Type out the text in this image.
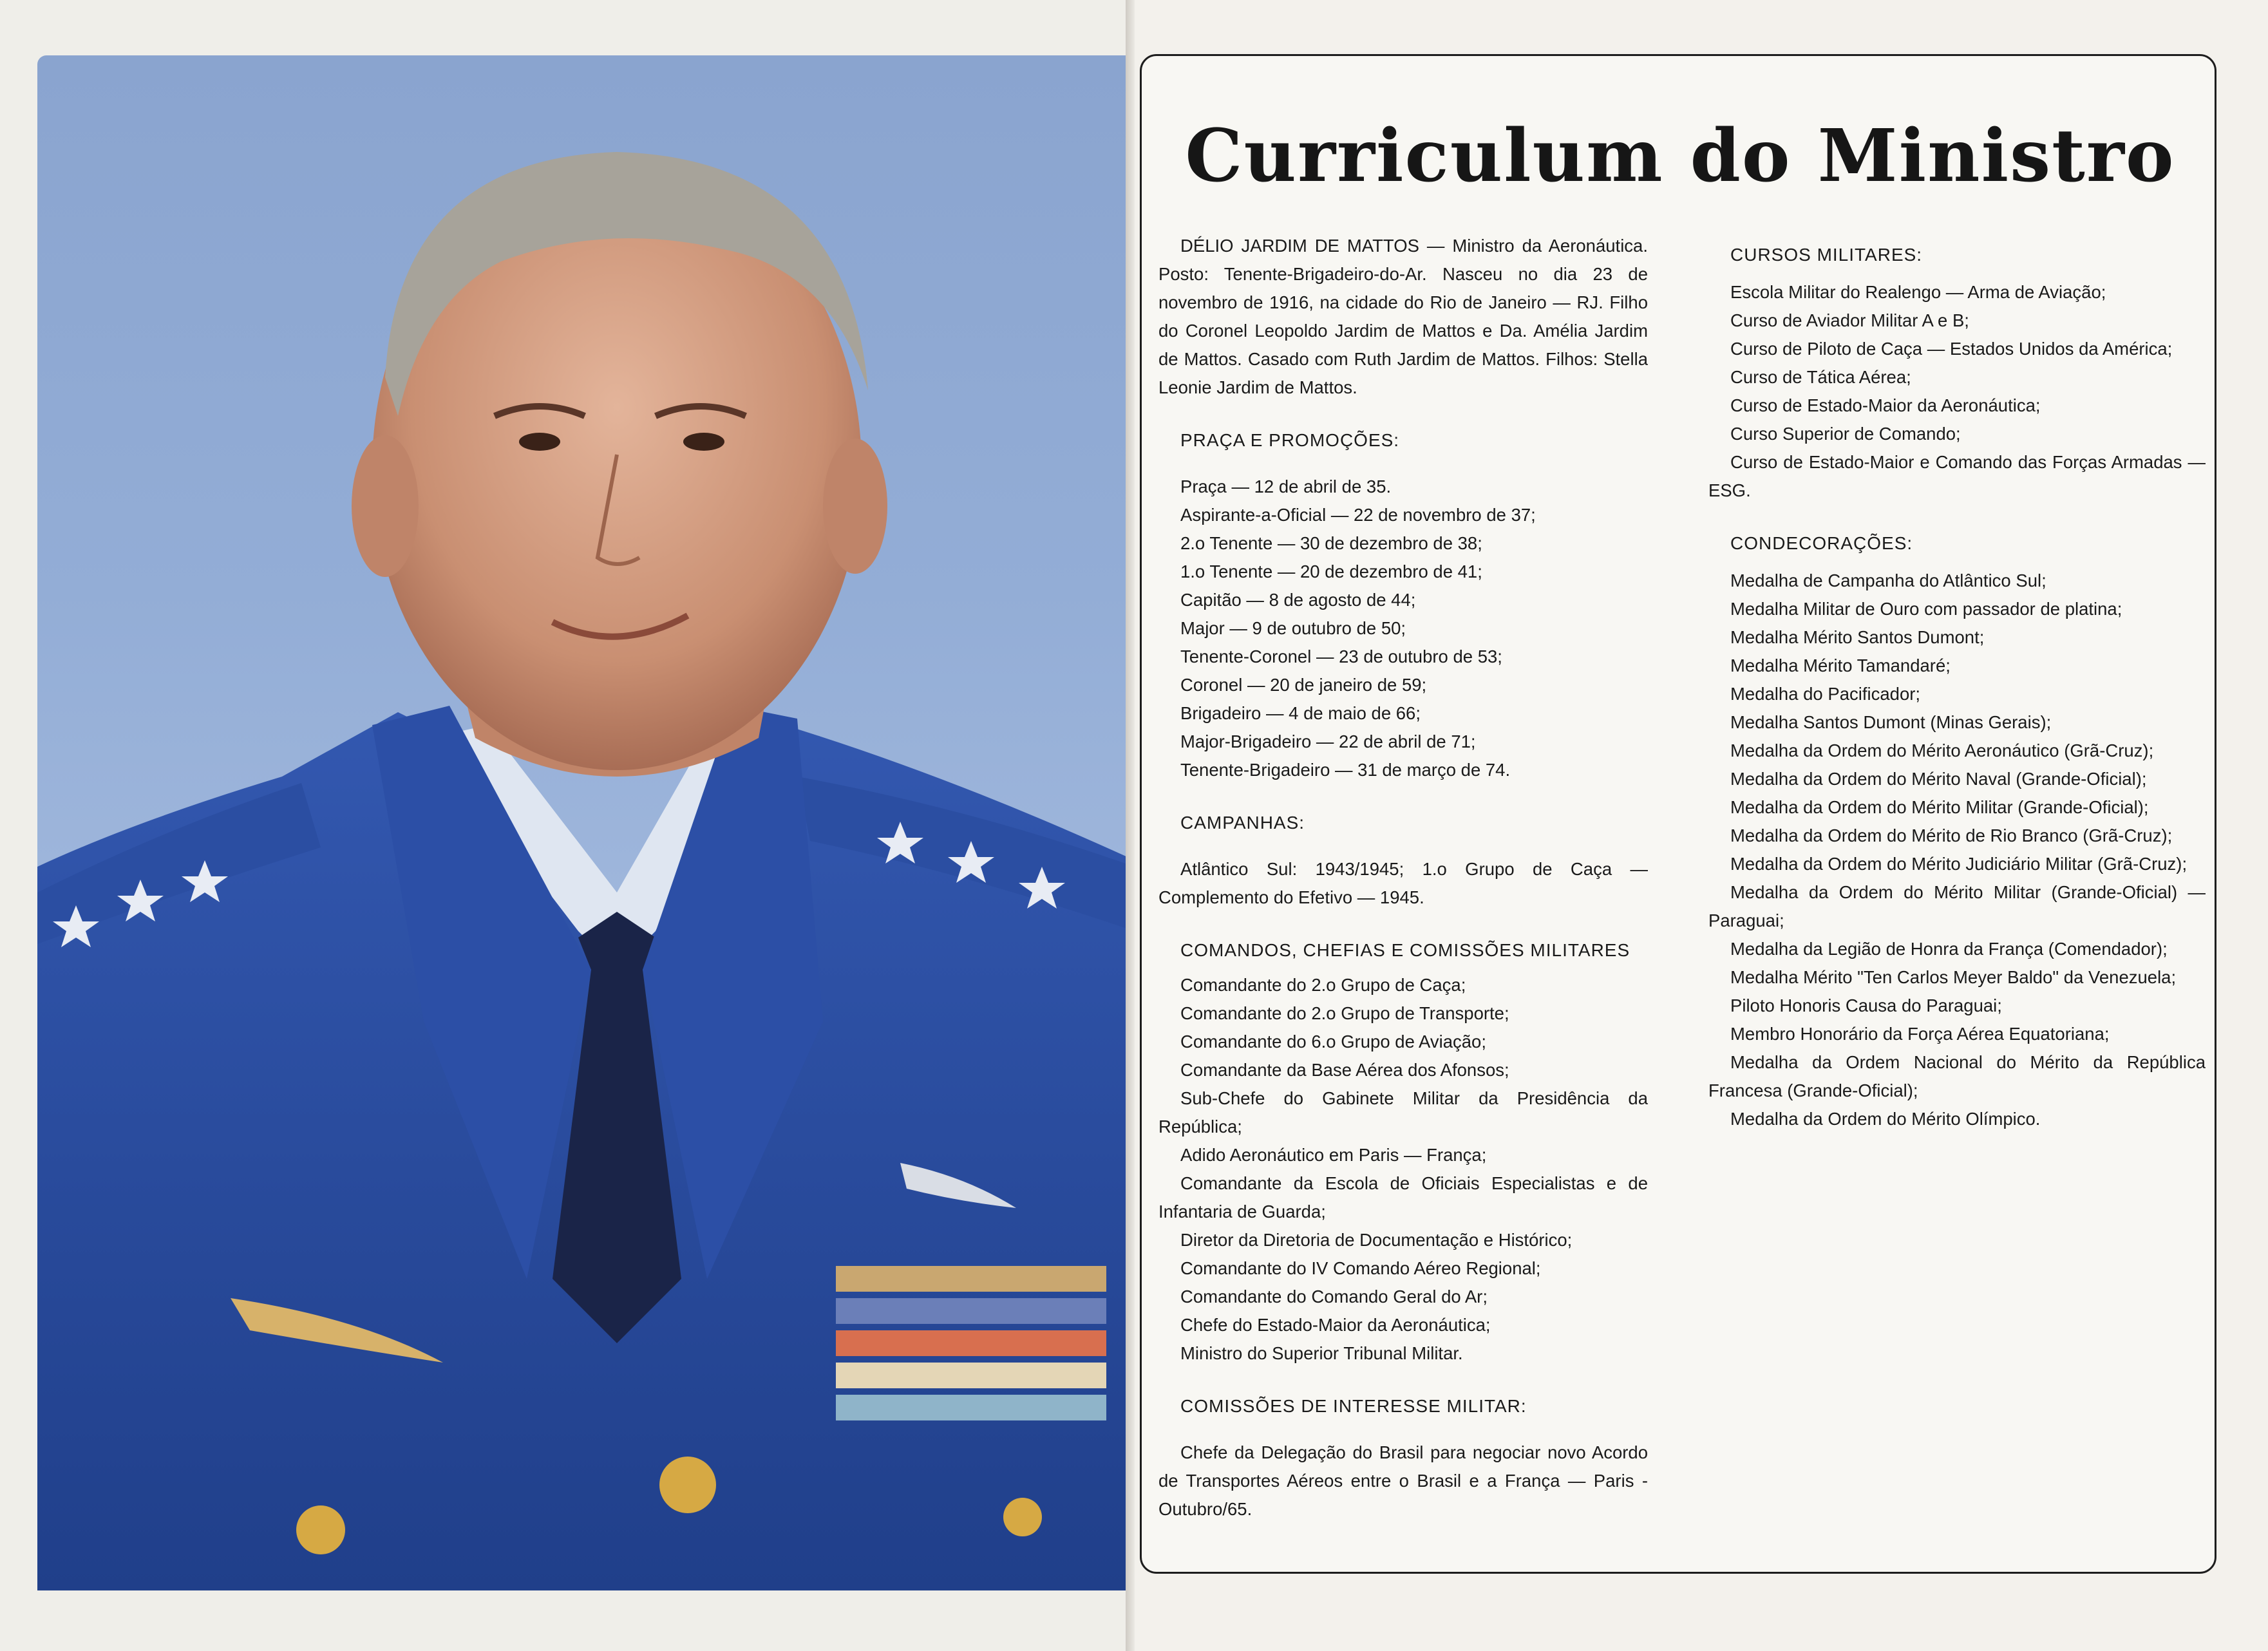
Curriculum do Ministro
DÉLIO JARDIM DE MATTOS — Ministro da Aeronáutica. Posto: Tenente-Brigadeiro-do-Ar. Nasceu no dia 23 de novembro de 1916, na cidade do Rio de Janeiro — RJ. Filho do Coronel Leopoldo Jardim de Mattos e Da. Amélia Jardim de Mattos. Casado com Ruth Jardim de Mattos. Filhos: Stella Leonie Jardim de Mattos.
PRAÇA E PROMOÇÕES:
Praça — 12 de abril de 35.
Aspirante-a-Oficial — 22 de novembro de 37;
2.o Tenente — 30 de dezembro de 38;
1.o Tenente — 20 de dezembro de 41;
Capitão — 8 de agosto de 44;
Major — 9 de outubro de 50;
Tenente-Coronel — 23 de outubro de 53;
Coronel — 20 de janeiro de 59;
Brigadeiro — 4 de maio de 66;
Major-Brigadeiro — 22 de abril de 71;
Tenente-Brigadeiro — 31 de março de 74.
CAMPANHAS:
Atlântico Sul: 1943/1945; 1.o Grupo de Caça — Complemento do Efetivo — 1945.
COMANDOS, CHEFIAS E COMISSÕES MILITARES
Comandante do 2.o Grupo de Caça;
Comandante do 2.o Grupo de Transporte;
Comandante do 6.o Grupo de Aviação;
Comandante da Base Aérea dos Afonsos;
Sub-Chefe do Gabinete Militar da Presidência da República;
Adido Aeronáutico em Paris — França;
Comandante da Escola de Oficiais Especialistas e de Infantaria de Guarda;
Diretor da Diretoria de Documentação e Histórico;
Comandante do IV Comando Aéreo Regional;
Comandante do Comando Geral do Ar;
Chefe do Estado-Maior da Aeronáutica;
Ministro do Superior Tribunal Militar.
COMISSÕES DE INTERESSE MILITAR:
Chefe da Delegação do Brasil para negociar novo Acordo de Transportes Aéreos entre o Brasil e a França — Paris - Outubro/65.
CURSOS MILITARES:
Escola Militar do Realengo — Arma de Aviação;
Curso de Aviador Militar A e B;
Curso de Piloto de Caça — Estados Unidos da América;
Curso de Tática Aérea;
Curso de Estado-Maior da Aeronáutica;
Curso Superior de Comando;
Curso de Estado-Maior e Comando das Forças Armadas — ESG.
CONDECORAÇÕES:
Medalha de Campanha do Atlântico Sul;
Medalha Militar de Ouro com passador de platina;
Medalha Mérito Santos Dumont;
Medalha Mérito Tamandaré;
Medalha do Pacificador;
Medalha Santos Dumont (Minas Gerais);
Medalha da Ordem do Mérito Aeronáutico (Grã-Cruz);
Medalha da Ordem do Mérito Naval (Grande-Oficial);
Medalha da Ordem do Mérito Militar (Grande-Oficial);
Medalha da Ordem do Mérito de Rio Branco (Grã-Cruz);
Medalha da Ordem do Mérito Judiciário Militar (Grã-Cruz);
Medalha da Ordem do Mérito Militar (Grande-Oficial) — Paraguai;
Medalha da Legião de Honra da França (Comendador);
Medalha Mérito "Ten Carlos Meyer Baldo" da Venezuela;
Piloto Honoris Causa do Paraguai;
Membro Honorário da Força Aérea Equatoriana;
Medalha da Ordem Nacional do Mérito da República Francesa (Grande-Oficial);
Medalha da Ordem do Mérito Olímpico.
